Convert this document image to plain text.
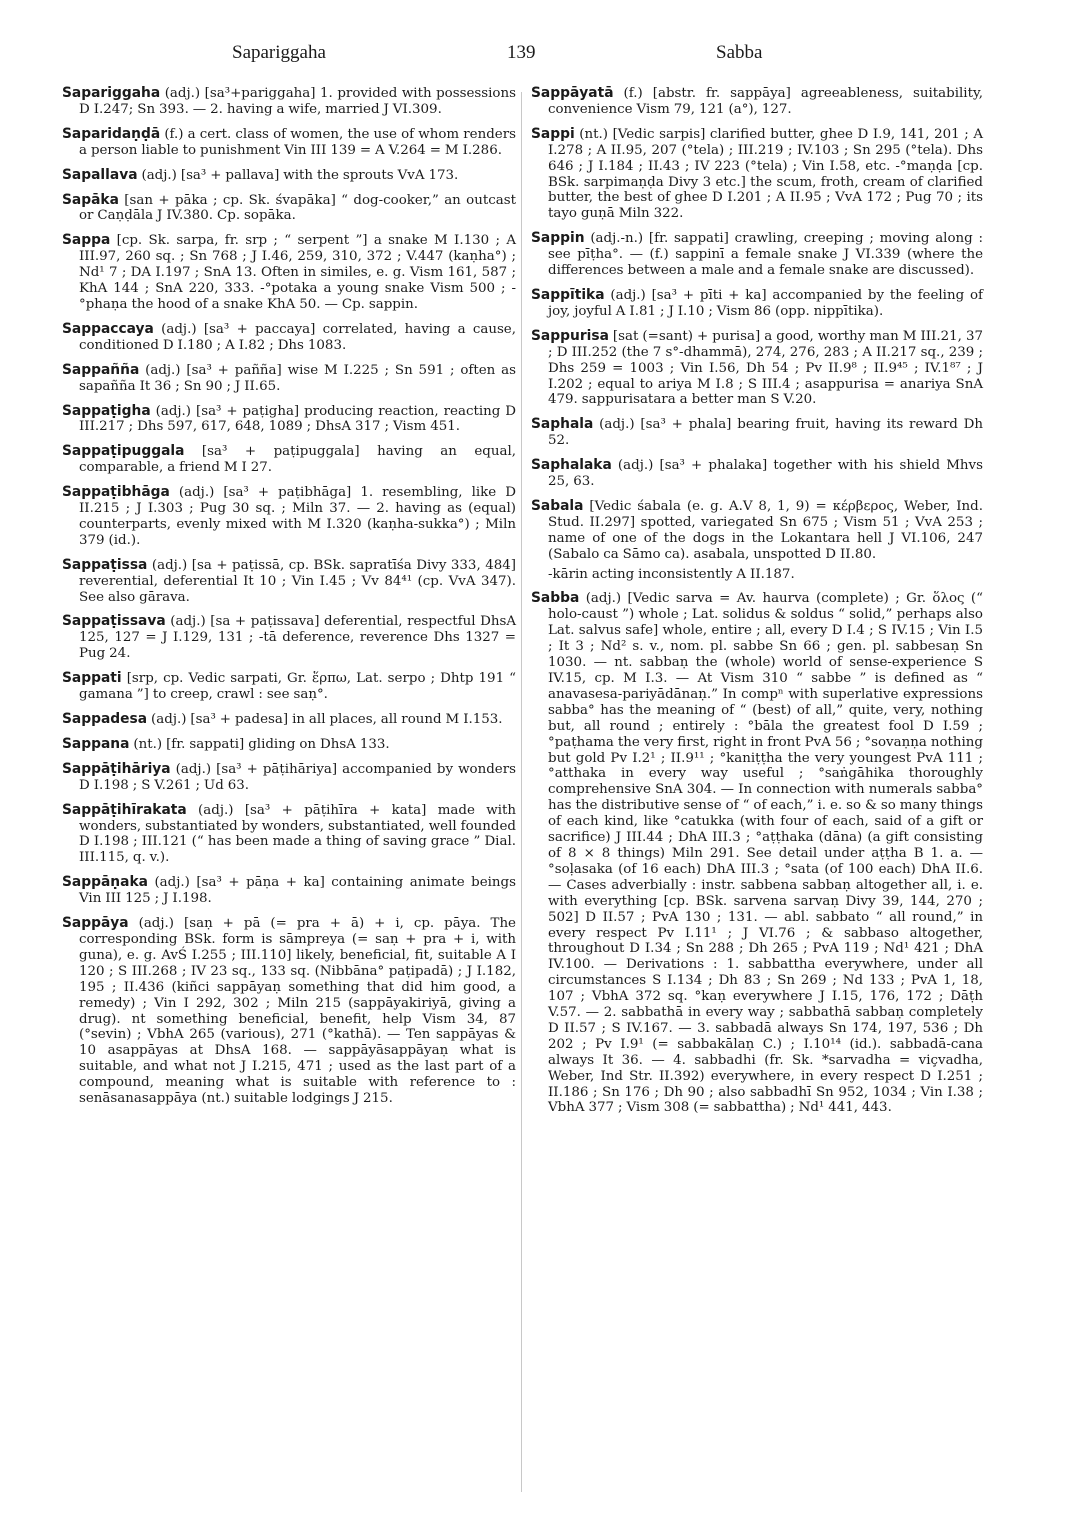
Sapariggaha	139	Sabba

Sapariggaha (adj.) [sa³+pariggaha] 1. provided with possessions D I.247; Sn 393. — 2. having a wife, married J VI.309.

Saparidaṇḍā (f.) a cert. class of women, the use of whom renders a person liable to punishment Vin III 139 = A V.264 = M I.286.

Sapallava (adj.) [sa³ + pallava] with the sprouts VvA 173.

Sapāka [san + pāka ; cp. Sk. śvapāka] “ dog-cooker,” an outcast or Caṇḍāla J IV.380. Cp. sopāka.

Sappa [cp. Sk. sarpa, fr. srp ; “ serpent ”] a snake M I.130 ; A III.97, 260 sq. ; Sn 768 ; J I.46, 259, 310, 372 ; V.447 (kaṇha°) ; Nd¹ 7 ; DA I.197 ; SnA 13. Often in similes, e. g. Vism 161, 587 ; KhA 144 ; SnA 220, 333. -°potaka a young snake Vism 500 ; -°phaṇa the hood of a snake KhA 50. — Cp. sappin.

Sappaccaya (adj.) [sa³ + paccaya] correlated, having a cause, conditioned D I.180 ; A I.82 ; Dhs 1083.

Sappañña (adj.) [sa³ + pañña] wise M I.225 ; Sn 591 ; often as sapañña It 36 ; Sn 90 ; J II.65.

Sappaṭigha (adj.) [sa³ + paṭigha] producing reaction, reacting D III.217 ; Dhs 597, 617, 648, 1089 ; DhsA 317 ; Vism 451.

Sappaṭipuggala [sa³ + paṭipuggala] having an equal, comparable, a friend M I 27.

Sappaṭibhāga (adj.) [sa³ + paṭibhāga] 1. resembling, like D II.215 ; J I.303 ; Pug 30 sq. ; Miln 37. — 2. having as (equal) counterparts, evenly mixed with M I.320 (kaṇha-sukka°) ; Miln 379 (id.).

Sappaṭissa (adj.) [sa + paṭissā, cp. BSk. sapratīśa Divy 333, 484] reverential, deferential It 10 ; Vin I.45 ; Vv 84⁴¹ (cp. VvA 347). See also gārava.

Sappaṭissava (adj.) [sa + paṭissava] deferential, respectful DhsA 125, 127 = J I.129, 131 ; -tā deference, reverence Dhs 1327 = Pug 24.

Sappati [srp, cp. Vedic sarpati, Gr. ἕρπω, Lat. serpo ; Dhtp 191 “ gamana ”] to creep, crawl : see saṇ°.

Sappadesa (adj.) [sa³ + padesa] in all places, all round M I.153.

Sappana (nt.) [fr. sappati] gliding on DhsA 133.

Sappāṭihāriya (adj.) [sa³ + pāṭihāriya] accompanied by wonders D I.198 ; S V.261 ; Ud 63.

Sappāṭihīrakata (adj.) [sa³ + pāṭihīra + kata] made with wonders, substantiated by wonders, substantiated, well founded D I.198 ; III.121 (“ has been made a thing of saving grace ” Dial. III.115, q. v.).

Sappāṇaka (adj.) [sa³ + pāṇa + ka] containing animate beings Vin III 125 ; J I.198.

Sappāya (adj.) [saṇ + pā (= pra + ā) + i, cp. pāya. The corresponding BSk. form is sāmpreya (= saṇ + pra + i, with guna), e. g. AvŚ I.255 ; III.110] likely, beneficial, fit, suitable A I 120 ; S III.268 ; IV 23 sq., 133 sq. (Nibbāna° paṭipadā) ; J I.182, 195 ; II.436 (kiñci sappāyaṇ something that did him good, a remedy) ; Vin I 292, 302 ; Miln 215 (sappāyakiriyā, giving a drug). nt something beneficial, benefit, help Vism 34, 87 (°sevin) ; VbhA 265 (various), 271 (°kathā). — Ten sappāyas & 10 asappāyas at DhsA 168. — sappāyāsappāyaṇ what is suitable, and what not J I.215, 471 ; used as the last part of a compound, meaning what is suitable with reference to : senāsanasappāya (nt.) suitable lodgings J 215.

Sappāyatā (f.) [abstr. fr. sappāya] agreeableness, suitability, convenience Vism 79, 121 (a°), 127.

Sappi (nt.) [Vedic sarpis] clarified butter, ghee D I.9, 141, 201 ; A I.278 ; A II.95, 207 (°tela) ; III.219 ; IV.103 ; Sn 295 (°tela). Dhs 646 ; J I.184 ; II.43 ; IV 223 (°tela) ; Vin I.58, etc. -°maṇḍa [cp. BSk. sarpimaṇḍa Divy 3 etc.] the scum, froth, cream of clarified butter, the best of ghee D I.201 ; A II.95 ; VvA 172 ; Pug 70 ; its tayo guṇā Miln 322.

Sappin (adj.-n.) [fr. sappati] crawling, creeping ; moving along : see pīṭha°. — (f.) sappinī a female snake J VI.339 (where the differences between a male and a female snake are discussed).

Sappītika (adj.) [sa³ + pīti + ka] accompanied by the feeling of joy, joyful A I.81 ; J I.10 ; Vism 86 (opp. nippītika).

Sappurisa [sat (=sant) + purisa] a good, worthy man M III.21, 37 ; D III.252 (the 7 s°-dhammā), 274, 276, 283 ; A II.217 sq., 239 ; Dhs 259 = 1003 ; Vin I.56, Dh 54 ; Pv II.9⁸ ; II.9⁴⁵ ; IV.1⁸⁷ ; J I.202 ; equal to ariya M I.8 ; S III.4 ; asappurisa = anariya SnA 479. sappurisatara a better man S V.20.

Saphala (adj.) [sa³ + phala] bearing fruit, having its reward Dh 52.

Saphalaka (adj.) [sa³ + phalaka] together with his shield Mhvs 25, 63.

Sabala [Vedic śabala (e. g. A.V 8, 1, 9) = κέρβερος, Weber, Ind. Stud. II.297] spotted, variegated Sn 675 ; Vism 51 ; VvA 253 ; name of one of the dogs in the Lokantara hell J VI.106, 247 (Sabalo ca Sāmo ca). asabala, unspotted D II.80.

-kārin acting inconsistently A II.187.

Sabba (adj.) [Vedic sarva = Av. haurva (complete) ; Gr. ὅλος (“ holo-caust ”) whole ; Lat. solidus & soldus “ solid,” perhaps also Lat. salvus safe] whole, entire ; all, every D I.4 ; S IV.15 ; Vin I.5 ; It 3 ; Nd² s. v., nom. pl. sabbe Sn 66 ; gen. pl. sabbesaṇ Sn 1030. — nt. sabbaṇ the (whole) world of sense-experience S IV.15, cp. M I.3. — At Vism 310 “ sabbe ” is defined as “ anavasesa-pariyādānaṇ.” In compⁿ with superlative expressions sabba° has the meaning of “ (best) of all,” quite, very, nothing but, all round ; entirely : °bāla the greatest fool D I.59 ; °paṭhama the very first, right in front PvA 56 ; °sovaṇṇa nothing but gold Pv I.2¹ ; II.9¹¹ ; °kaniṭṭha the very youngest PvA 111 ; °atthaka in every way useful ; °saṅgāhika thoroughly comprehensive SnA 304. — In connection with numerals sabba° has the distributive sense of “ of each,” i. e. so & so many things of each kind, like °catukka (with four of each, said of a gift or sacrifice) J III.44 ; DhA III.3 ; °aṭṭhaka (dāna) (a gift consisting of 8 × 8 things) Miln 291. See detail under aṭṭha B 1. a. — °soḷasaka (of 16 each) DhA III.3 ; °sata (of 100 each) DhA II.6. — Cases adverbially : instr. sabbena sabbaṇ altogether all, i. e. with everything [cp. BSk. sarvena sarvaṇ Divy 39, 144, 270 ; 502] D II.57 ; PvA 130 ; 131. — abl. sabbato “ all round,” in every respect Pv I.11¹ ; J VI.76 ; & sabbaso altogether, throughout D I.34 ; Sn 288 ; Dh 265 ; PvA 119 ; Nd¹ 421 ; DhA IV.100. — Derivations : 1. sabbattha everywhere, under all circumstances S I.134 ; Dh 83 ; Sn 269 ; Nd 133 ; PvA 1, 18, 107 ; VbhA 372 sq. °kaṇ everywhere J I.15, 176, 172 ; Dāṭh V.57. — 2. sabbathā in every way ; sabbathā sabbaṇ completely D II.57 ; S IV.167. — 3. sabbadā always Sn 174, 197, 536 ; Dh 202 ; Pv I.9¹ (= sabbakālaṇ C.) ; I.10¹⁴ (id.). sabbadā-cana always It 36. — 4. sabbadhi (fr. Sk. *sarvadha = viçvadha, Weber, Ind Str. II.392) everywhere, in every respect D I.251 ; II.186 ; Sn 176 ; Dh 90 ; also sabbadhī Sn 952, 1034 ; Vin I.38 ; VbhA 377 ; Vism 308 (= sabbattha) ; Nd¹ 441, 443.
